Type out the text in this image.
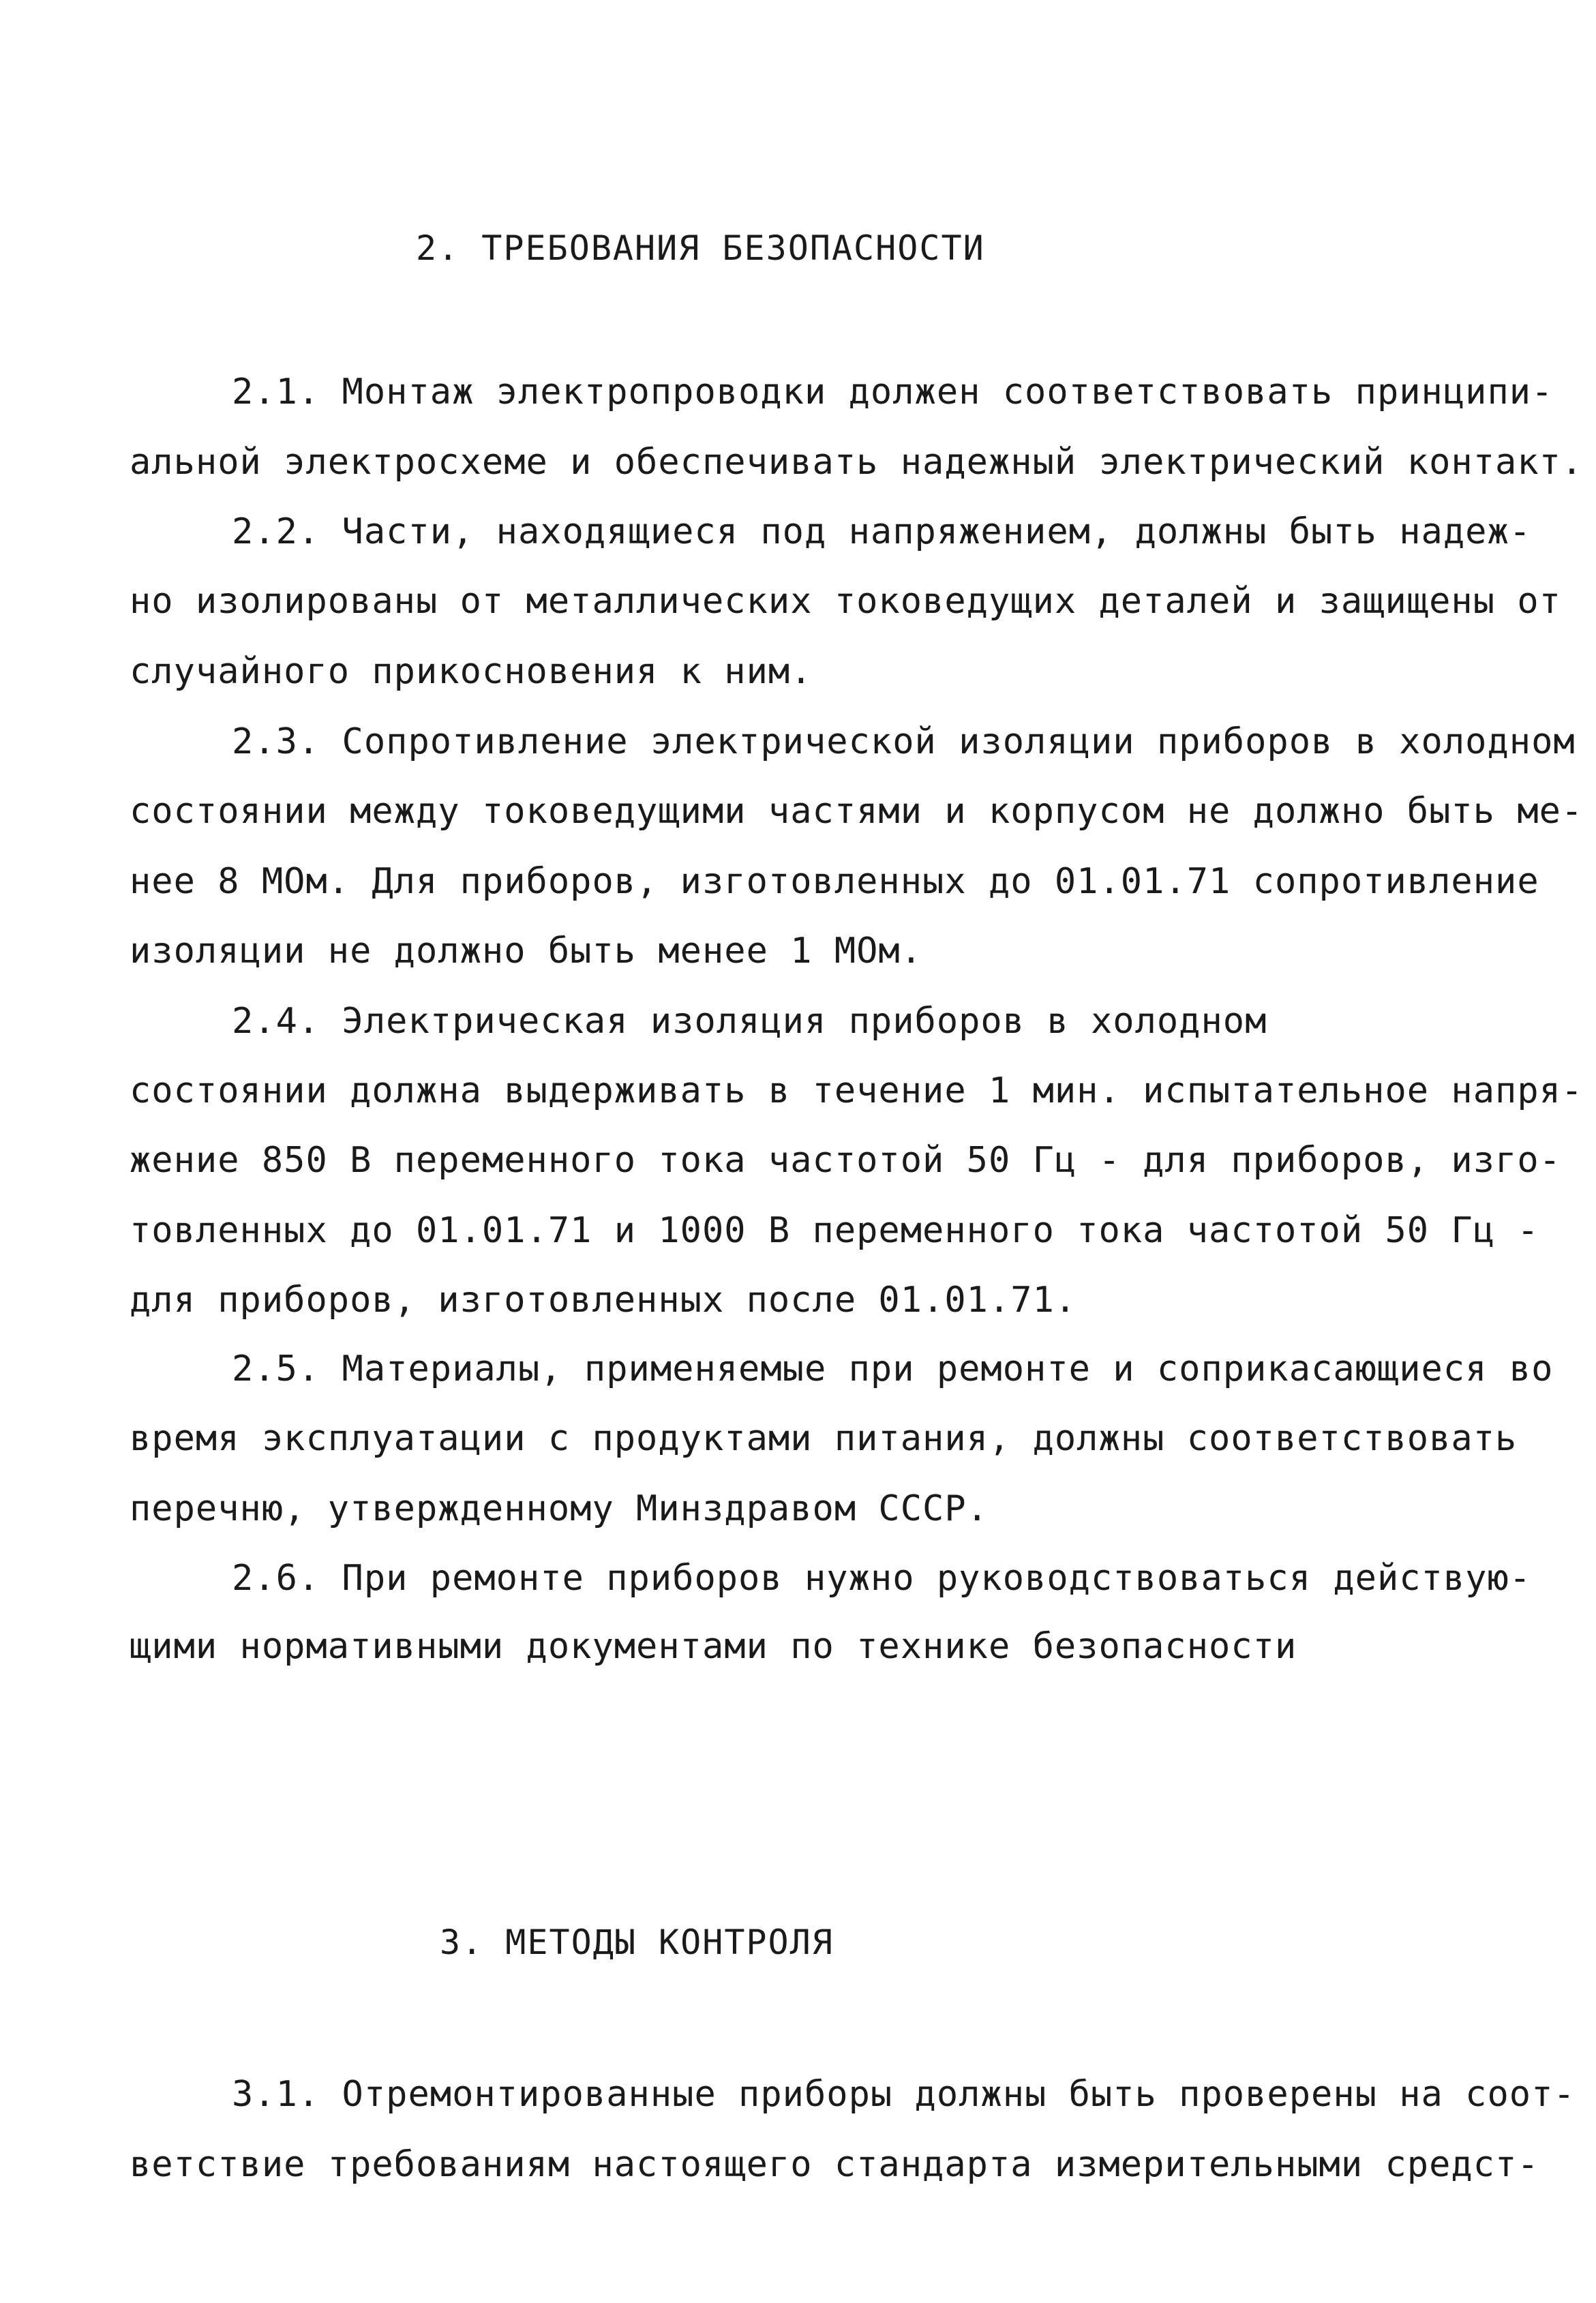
2. ТРЕБОВАНИЯ БЕЗОПАСНОСТИ
2.1. Монтаж электропроводки должен соответствовать принципи-
альной электросхеме и обеспечивать надежный электрический контакт.
2.2. Части, находящиеся под напряжением, должны быть надеж-
но изолированы от металлических токоведущих деталей и защищены от
случайного прикосновения к ним.
2.3. Сопротивление электрической изоляции приборов в холодном
состоянии между токоведущими частями и корпусом не должно быть ме-
нее 8 МОм. Для приборов, изготовленных до 01.01.71 сопротивление
изоляции не должно быть менее 1 МОм.
2.4. Электрическая изоляция приборов в холодном
состоянии должна выдерживать в течение 1 мин. испытательное напря-
жение 850 В переменного тока частотой 50 Гц - для приборов, изго-
товленных до 01.01.71 и 1000 В переменного тока частотой 50 Гц -
для приборов, изготовленных после 01.01.71.
2.5. Материалы, применяемые при ремонте и соприкасающиеся во
время эксплуатации с продуктами питания, должны соответствовать
перечню, утвержденному Минздравом СССР.
2.6. При ремонте приборов нужно руководствоваться действую-
щими нормативными документами по технике безопасности
3. МЕТОДЫ КОНТРОЛЯ
3.1. Отремонтированные приборы должны быть проверены на соот-
ветствие требованиям настоящего стандарта измерительными средст-
